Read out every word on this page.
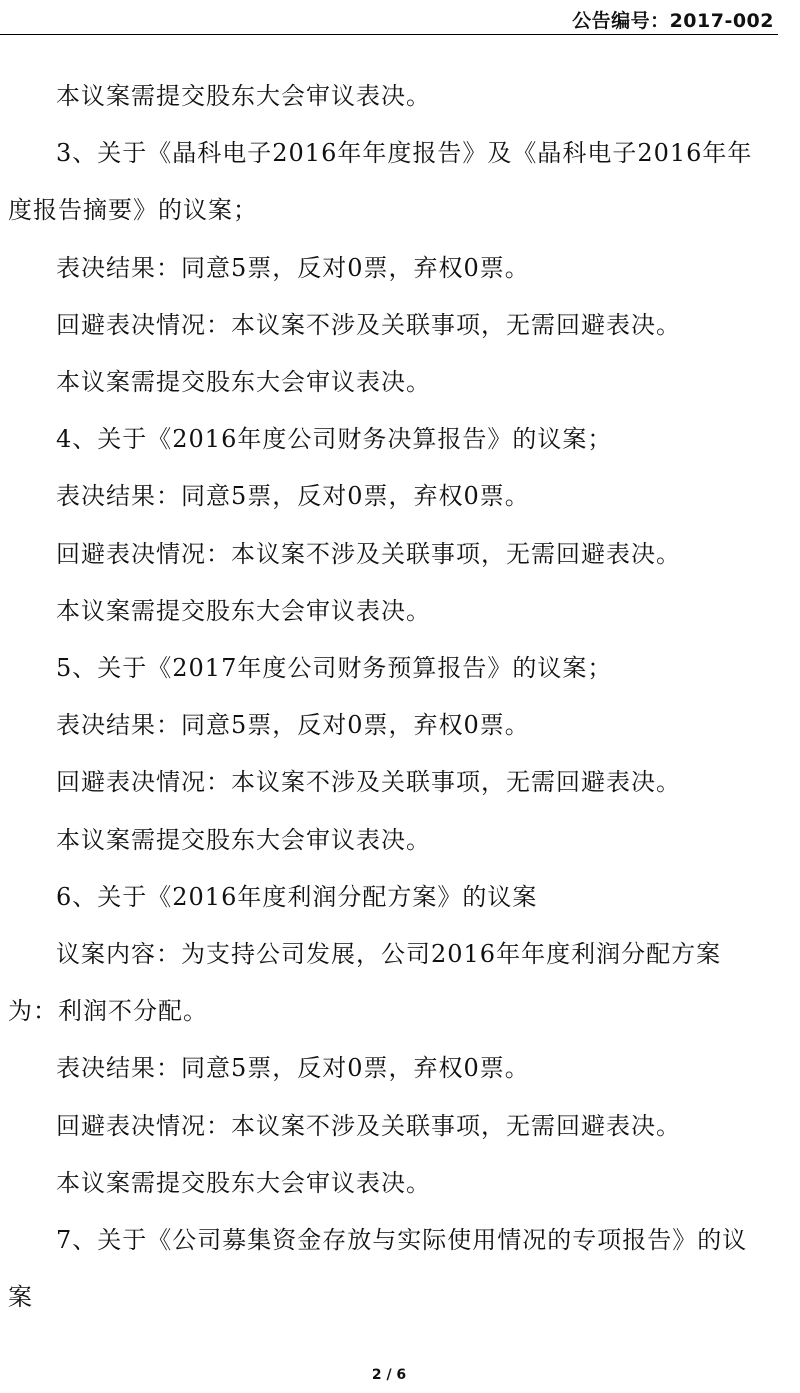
公告编号：2017-002

本议案需提交股东大会审议表决。

3、关于《晶科电子2016年年度报告》及《晶科电子2016年年度报告摘要》的议案；

表决结果：同意5票，反对0票，弃权0票。

回避表决情况：本议案不涉及关联事项，无需回避表决。

本议案需提交股东大会审议表决。

4、关于《2016年度公司财务决算报告》的议案；

表决结果：同意5票，反对0票，弃权0票。

回避表决情况：本议案不涉及关联事项，无需回避表决。

本议案需提交股东大会审议表决。

5、关于《2017年度公司财务预算报告》的议案；

表决结果：同意5票，反对0票，弃权0票。

回避表决情况：本议案不涉及关联事项，无需回避表决。

本议案需提交股东大会审议表决。

6、关于《2016年度利润分配方案》的议案

议案内容：为支持公司发展，公司2016年年度利润分配方案为：利润不分配。

表决结果：同意5票，反对0票，弃权0票。

回避表决情况：本议案不涉及关联事项，无需回避表决。

本议案需提交股东大会审议表决。

7、关于《公司募集资金存放与实际使用情况的专项报告》的议案

2 / 6
